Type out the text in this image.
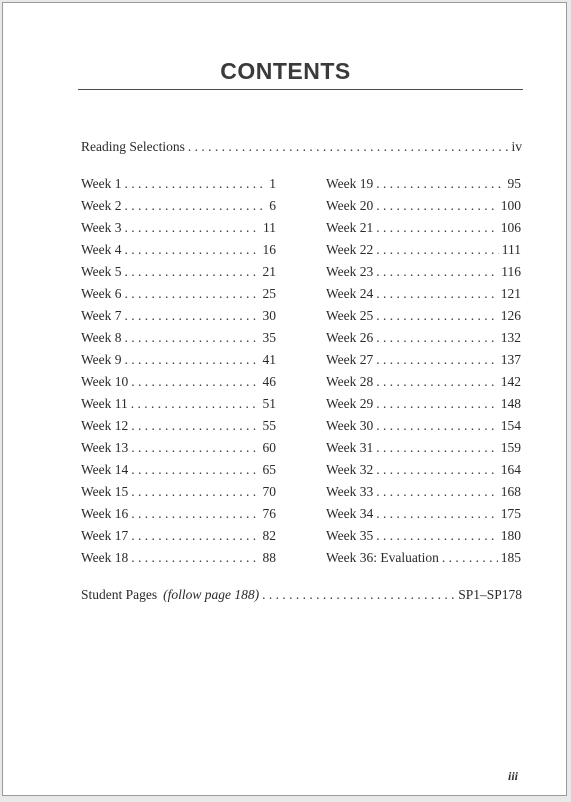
CONTENTS
Reading Selections . . .	iv
Week 1 . . .	1
Week 2 . . .	6
Week 3 . . .	11
Week 4 . . .	16
Week 5 . . .	21
Week 6 . . .	25
Week 7 . . .	30
Week 8 . . .	35
Week 9 . . .	41
Week 10 . . .	46
Week 11 . . .	51
Week 12 . . .	55
Week 13 . . .	60
Week 14 . . .	65
Week 15 . . .	70
Week 16 . . .	76
Week 17 . . .	82
Week 18 . . .	88
Week 19 . . .	95
Week 20 . . .	100
Week 21 . . .	106
Week 22 . . .	111
Week 23 . . .	116
Week 24 . . .	121
Week 25 . . .	126
Week 26 . . .	132
Week 27 . . .	137
Week 28 . . .	142
Week 29 . . .	148
Week 30 . . .	154
Week 31 . . .	159
Week 32 . . .	164
Week 33 . . .	168
Week 34 . . .	175
Week 35 . . .	180
Week 36: Evaluation . . .	185
Student Pages (follow page 188) . . .	SP1–SP178
iii
